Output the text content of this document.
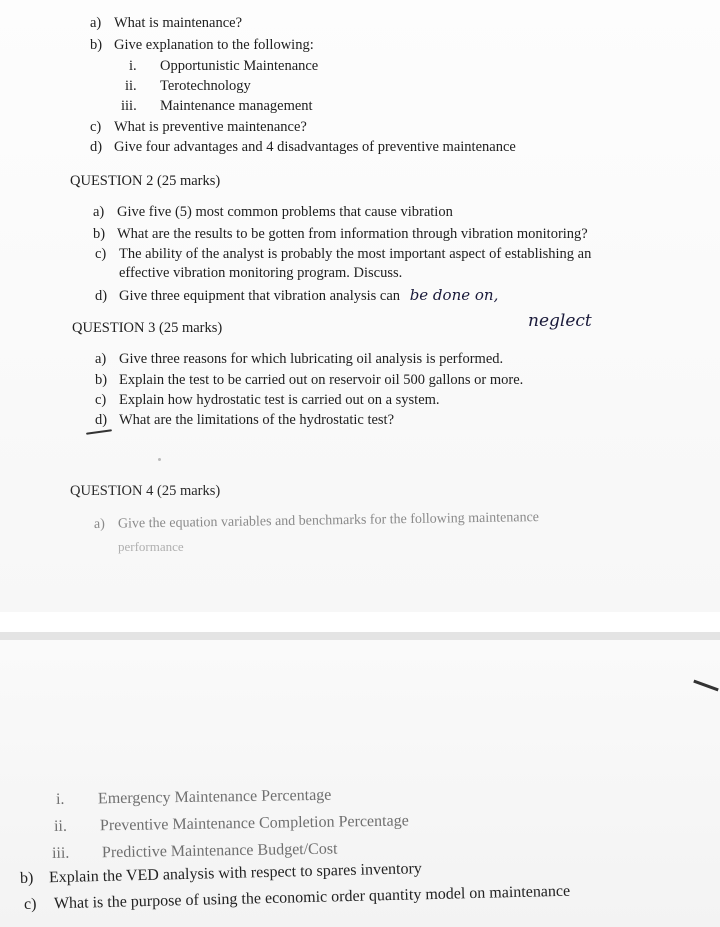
a) What is maintenance?
b) Give explanation to the following:
i. Opportunistic Maintenance
ii. Terotechnology
iii. Maintenance management
c) What is preventive maintenance?
d) Give four advantages and 4 disadvantages of preventive maintenance
QUESTION 2 (25 marks)
a) Give five (5) most common problems that cause vibration
b) What are the results to be gotten from information through vibration monitoring?
c) The ability of the analyst is probably the most important aspect of establishing an
effective vibration monitoring program. Discuss.
d) Give three equipment that vibration analysis can be done on,
QUESTION 3 (25 marks)	neglect
a) Give three reasons for which lubricating oil analysis is performed.
b) Explain the test to be carried out on reservoir oil 500 gallons or more.
c) Explain how hydrostatic test is carried out on a system.
d) What are the limitations of the hydrostatic test?
QUESTION 4 (25 marks)
a) Give the equation variables and benchmarks for the following maintenance
performance
i. Emergency Maintenance Percentage
ii. Preventive Maintenance Completion Percentage
iii. Predictive Maintenance Budget/Cost
b) Explain the VED analysis with respect to spares inventory
c) What is the purpose of using the economic order quantity model on maintenance
